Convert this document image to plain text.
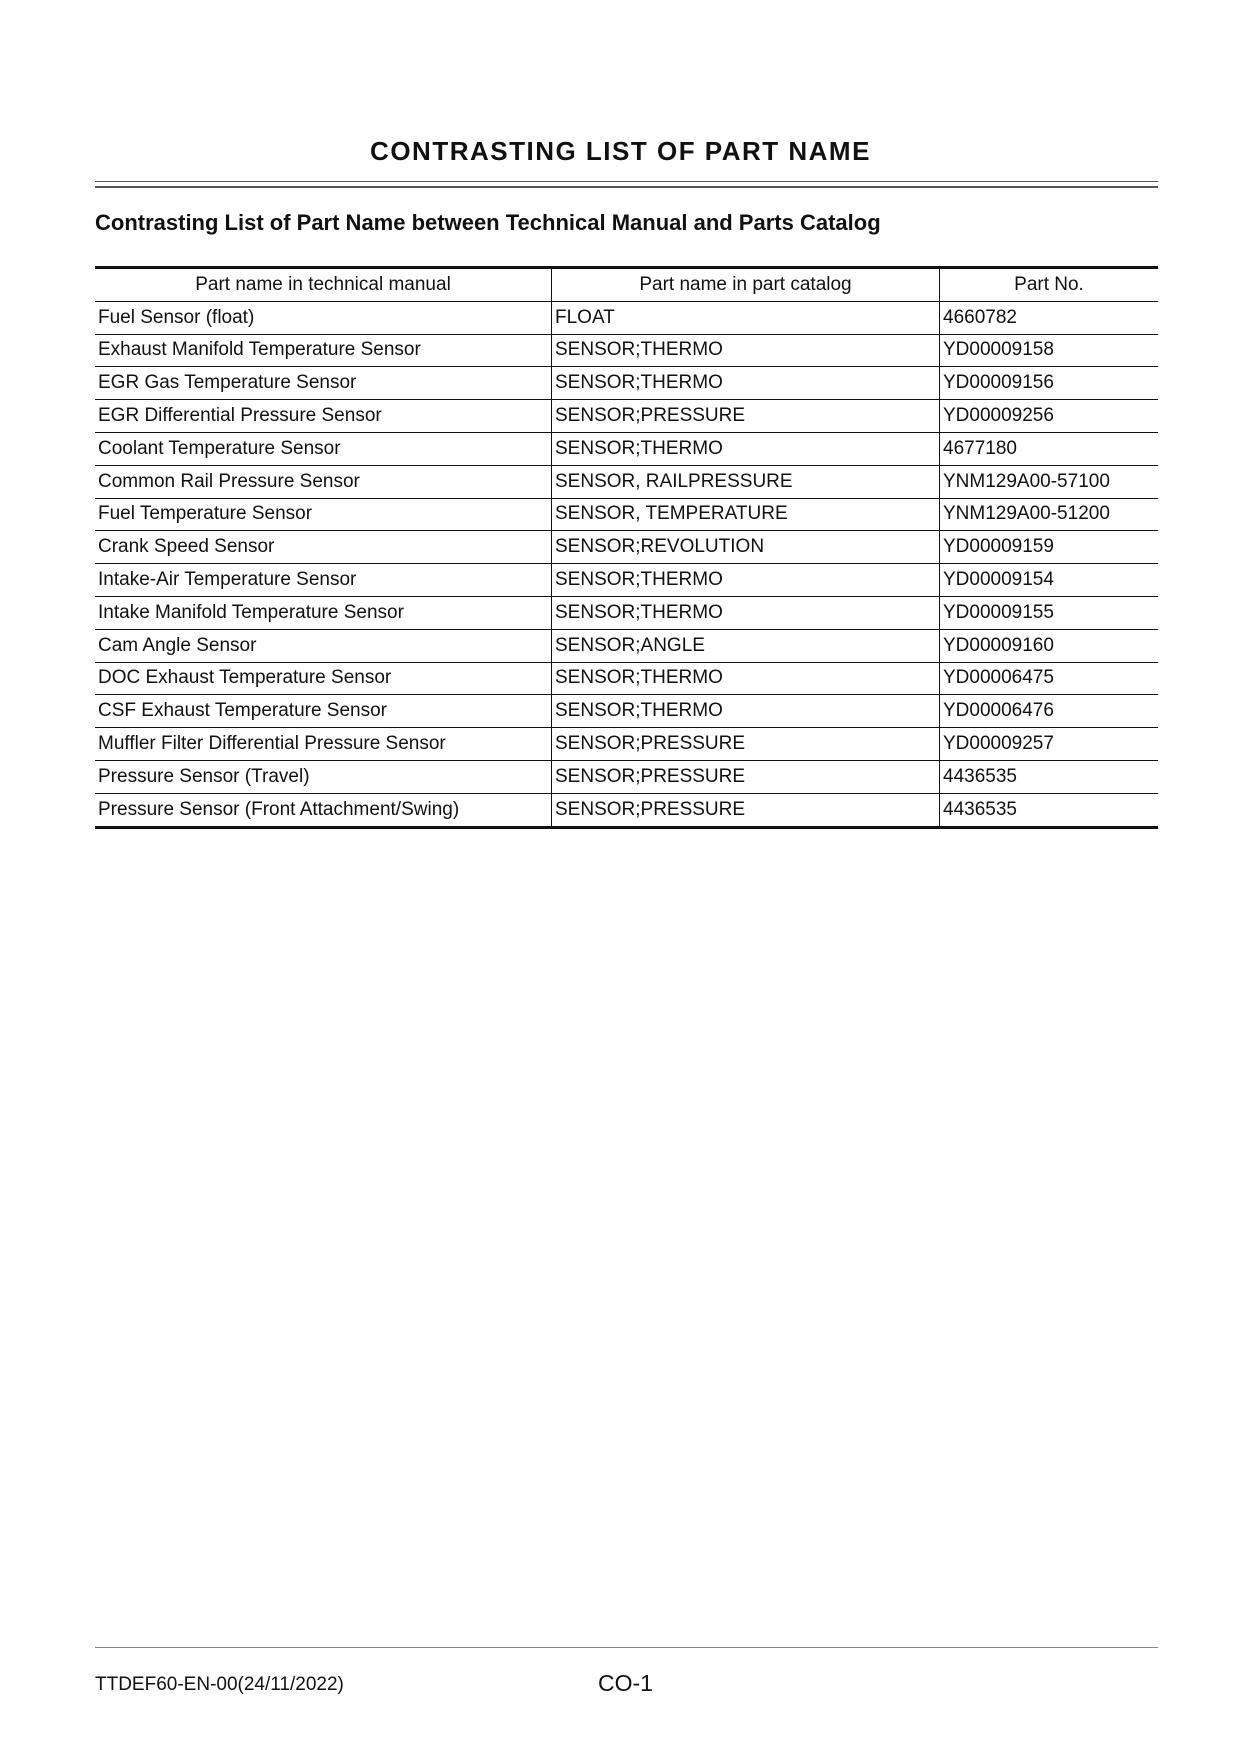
CONTRASTING LIST OF PART NAME
Contrasting List of Part Name between Technical Manual and Parts Catalog
Part name in technical manual	Part name in part catalog	Part No.
Fuel Sensor (float)	FLOAT	4660782
Exhaust Manifold Temperature Sensor	SENSOR;THERMO	YD00009158
EGR Gas Temperature Sensor	SENSOR;THERMO	YD00009156
EGR Differential Pressure Sensor	SENSOR;PRESSURE	YD00009256
Coolant Temperature Sensor	SENSOR;THERMO	4677180
Common Rail Pressure Sensor	SENSOR, RAILPRESSURE	YNM129A00-57100
Fuel Temperature Sensor	SENSOR, TEMPERATURE	YNM129A00-51200
Crank Speed Sensor	SENSOR;REVOLUTION	YD00009159
Intake-Air Temperature Sensor	SENSOR;THERMO	YD00009154
Intake Manifold Temperature Sensor	SENSOR;THERMO	YD00009155
Cam Angle Sensor	SENSOR;ANGLE	YD00009160
DOC Exhaust Temperature Sensor	SENSOR;THERMO	YD00006475
CSF Exhaust Temperature Sensor	SENSOR;THERMO	YD00006476
Muffler Filter Differential Pressure Sensor	SENSOR;PRESSURE	YD00009257
Pressure Sensor (Travel)	SENSOR;PRESSURE	4436535
Pressure Sensor (Front Attachment/Swing)	SENSOR;PRESSURE	4436535
TTDEF60-EN-00(24/11/2022)	CO-1
